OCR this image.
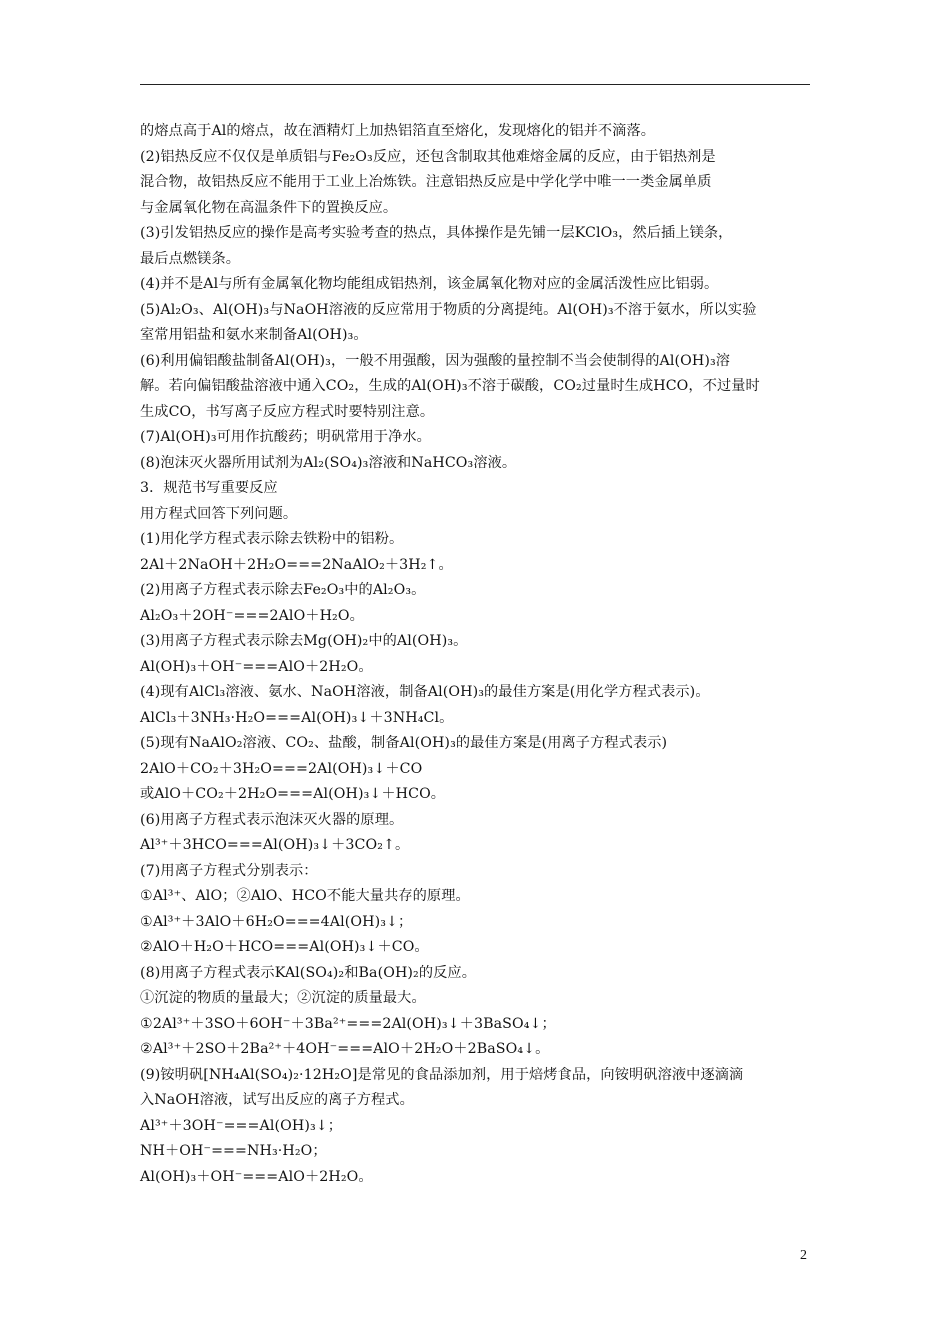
的熔点高于Al的熔点，故在酒精灯上加热铝箔直至熔化，发现熔化的铝并不滴落。
(2)铝热反应不仅仅是单质铝与Fe₂O₃反应，还包含制取其他难熔金属的反应，由于铝热剂是
混合物，故铝热反应不能用于工业上冶炼铁。注意铝热反应是中学化学中唯一一类金属单质
与金属氧化物在高温条件下的置换反应。
(3)引发铝热反应的操作是高考实验考查的热点，具体操作是先铺一层KClO₃，然后插上镁条，
最后点燃镁条。
(4)并不是Al与所有金属氧化物均能组成铝热剂，该金属氧化物对应的金属活泼性应比铝弱。
(5)Al₂O₃、Al(OH)₃与NaOH溶液的反应常用于物质的分离提纯。Al(OH)₃不溶于氨水，所以实验
室常用铝盐和氨水来制备Al(OH)₃。
(6)利用偏铝酸盐制备Al(OH)₃，一般不用强酸，因为强酸的量控制不当会使制得的Al(OH)₃溶
解。若向偏铝酸盐溶液中通入CO₂，生成的Al(OH)₃不溶于碳酸，CO₂过量时生成HCO，不过量时
生成CO，书写离子反应方程式时要特别注意。
(7)Al(OH)₃可用作抗酸药；明矾常用于净水。
(8)泡沫灭火器所用试剂为Al₂(SO₄)₃溶液和NaHCO₃溶液。
3．规范书写重要反应
用方程式回答下列问题。
(1)用化学方程式表示除去铁粉中的铝粉。
2Al＋2NaOH＋2H₂O===2NaAlO₂＋3H₂↑。
(2)用离子方程式表示除去Fe₂O₃中的Al₂O₃。
Al₂O₃＋2OH⁻===2AlO＋H₂O。
(3)用离子方程式表示除去Mg(OH)₂中的Al(OH)₃。
Al(OH)₃＋OH⁻===AlO＋2H₂O。
(4)现有AlCl₃溶液、氨水、NaOH溶液，制备Al(OH)₃的最佳方案是(用化学方程式表示)。
AlCl₃＋3NH₃·H₂O===Al(OH)₃↓＋3NH₄Cl。
(5)现有NaAlO₂溶液、CO₂、盐酸，制备Al(OH)₃的最佳方案是(用离子方程式表示)
2AlO＋CO₂＋3H₂O===2Al(OH)₃↓＋CO
或AlO＋CO₂＋2H₂O===Al(OH)₃↓＋HCO。
(6)用离子方程式表示泡沫灭火器的原理。
Al³⁺＋3HCO===Al(OH)₃↓＋3CO₂↑。
(7)用离子方程式分别表示：
①Al³⁺、AlO；②AlO、HCO不能大量共存的原理。
①Al³⁺＋3AlO＋6H₂O===4Al(OH)₃↓；
②AlO＋H₂O＋HCO===Al(OH)₃↓＋CO。
(8)用离子方程式表示KAl(SO₄)₂和Ba(OH)₂的反应。
①沉淀的物质的量最大；②沉淀的质量最大。
①2Al³⁺＋3SO＋6OH⁻＋3Ba²⁺===2Al(OH)₃↓＋3BaSO₄↓；
②Al³⁺＋2SO＋2Ba²⁺＋4OH⁻===AlO＋2H₂O＋2BaSO₄↓。
(9)铵明矾[NH₄Al(SO₄)₂·12H₂O]是常见的食品添加剂，用于焙烤食品，向铵明矾溶液中逐滴滴
入NaOH溶液，试写出反应的离子方程式。
Al³⁺＋3OH⁻===Al(OH)₃↓；
NH＋OH⁻===NH₃·H₂O；
Al(OH)₃＋OH⁻===AlO＋2H₂O。
2
